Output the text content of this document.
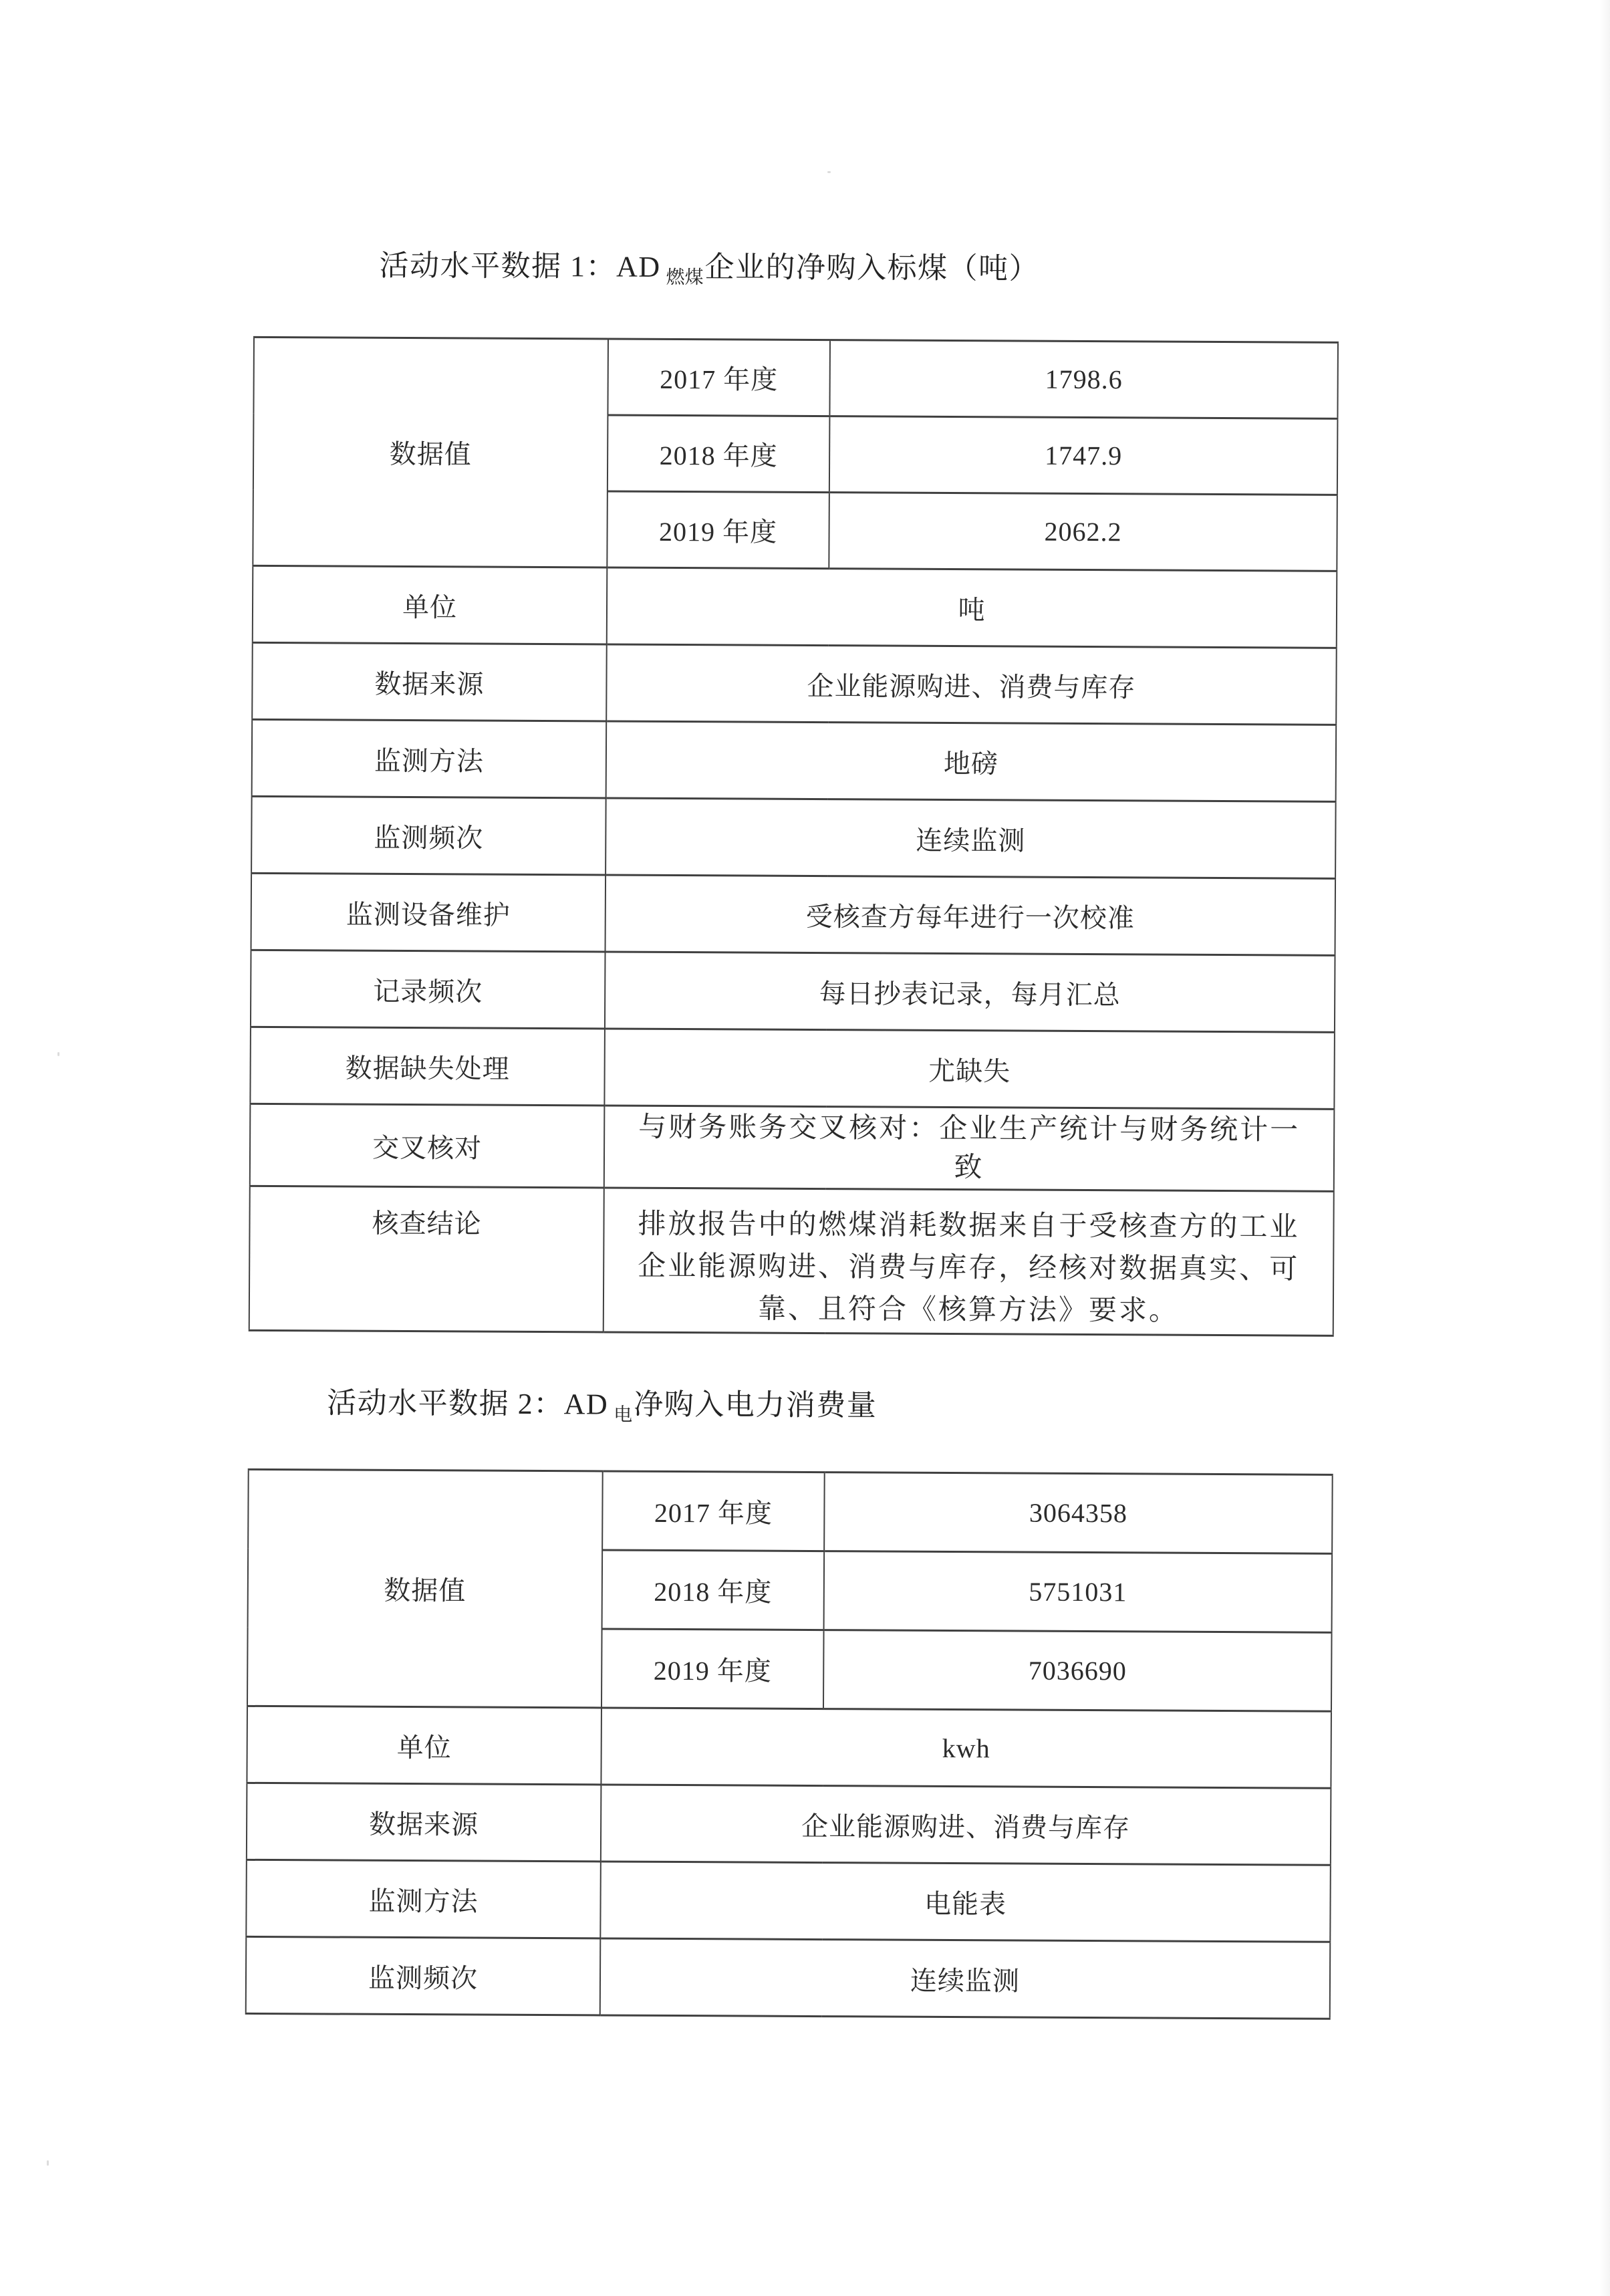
活动水平数据 1：AD $_{燃煤}$企业的净购入标煤（吨）
数据值	2017 年度	1798.6
	2018 年度	1747.9
	2019 年度	2062.2
单位	吨	
数据来源	企业能源购进、消费与库存	
监测方法	地磅	
监测频次	连续监测	
监测设备维护	受核查方每年进行一次校准	
记录频次	每日抄表记录，每月汇总	
数据缺失处理	尤缺失	
交叉核对	与财务账务交叉核对：企业生产统计与财务统计一
致	
核查结论	排放报告中的燃煤消耗数据来自于受核查方的工业
企业能源购进、消费与库存，经核对数据真实、可
靠、且符合《核算方法》要求。	
活动水平数据 2：AD $_电$净购入电力消费量
数据值	2017 年度	3064358
	2018 年度	5751031
	2019 年度	7036690
单位	kwh	
数据来源	企业能源购进、消费与库存	
监测方法	电能表	
监测频次	连续监测	
